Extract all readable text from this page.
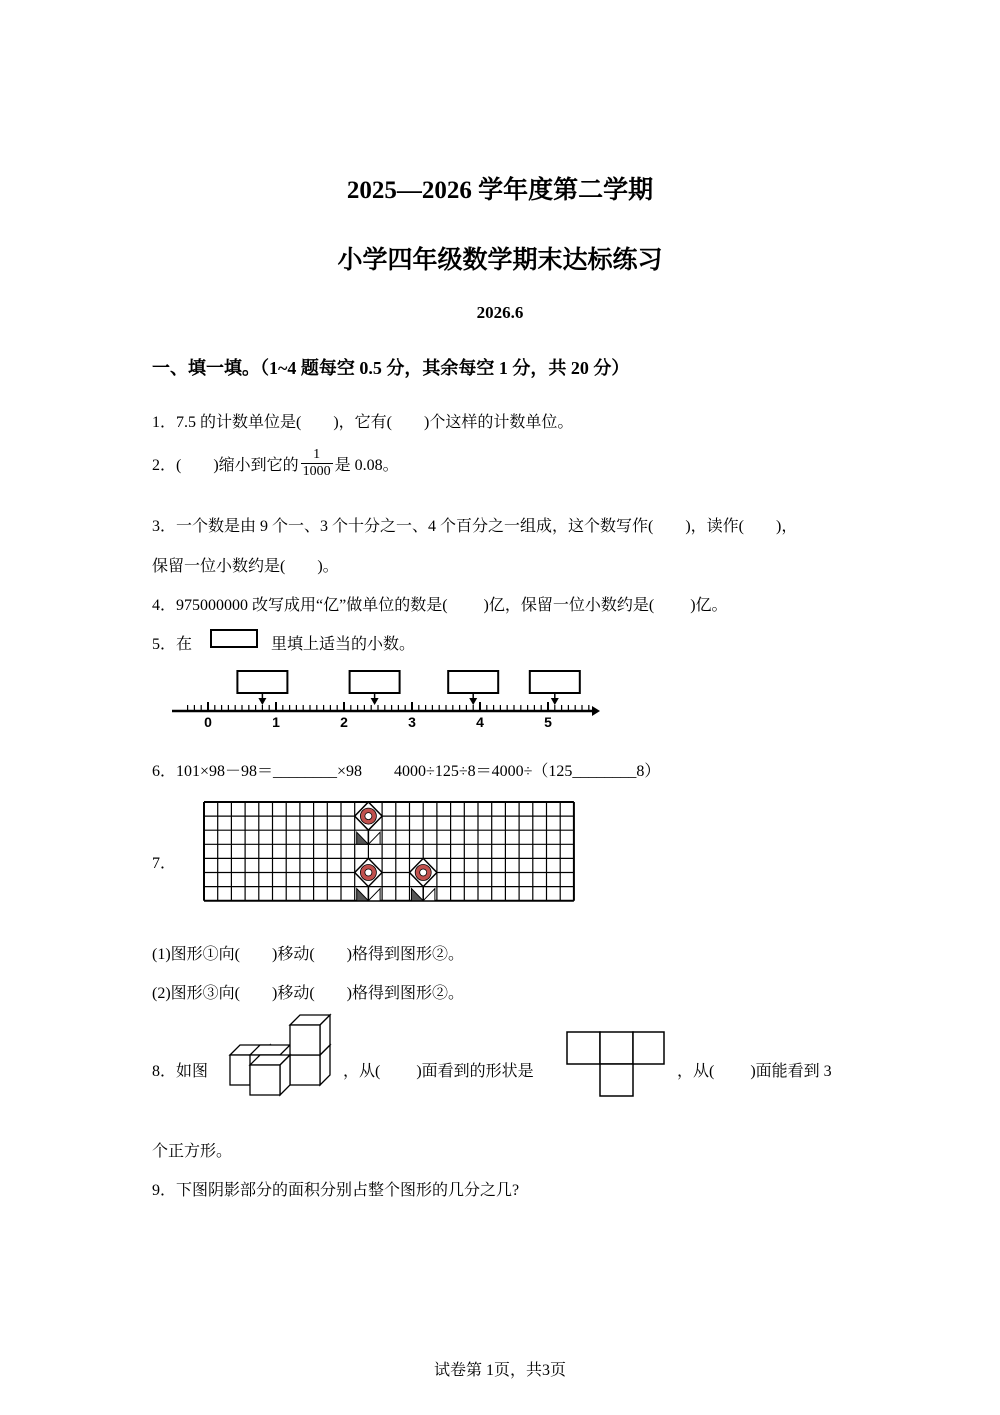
2025—2026 学年度第二学期
小学四年级数学期末达标练习
2026.6
一、填一填。（1~4 题每空 0.5 分，其余每空 1 分，共 20 分）
1．7.5 的计数单位是(　　)，它有(　　)个这样的计数单位。
2．(　　)缩小到它的 $\frac{1}{1000}$ 是 0.08。
3．一个数是由 9 个一、3 个十分之一、4 个百分之一组成，这个数写作(　　)，读作(　　)，
保留一位小数约是(　　)。
4．975000000 改写成用“亿”做单位的数是(　　 )亿，保留一位小数约是(　　 )亿。
5．在	里填上适当的小数。
0	1	2	3	4	5
6．101×98－98＝________×98　　4000÷125÷8＝4000÷（125________8）
7．
(1)图形①向(　　)移动(　　)格得到图形②。
(2)图形③向(　　)移动(　　)格得到图形②。
8．如图	，从(　　 )面看到的形状是	，从(　　 )面能看到 3
个正方形。
9．下图阴影部分的面积分别占整个图形的几分之几?
试卷第 1页，共3页
